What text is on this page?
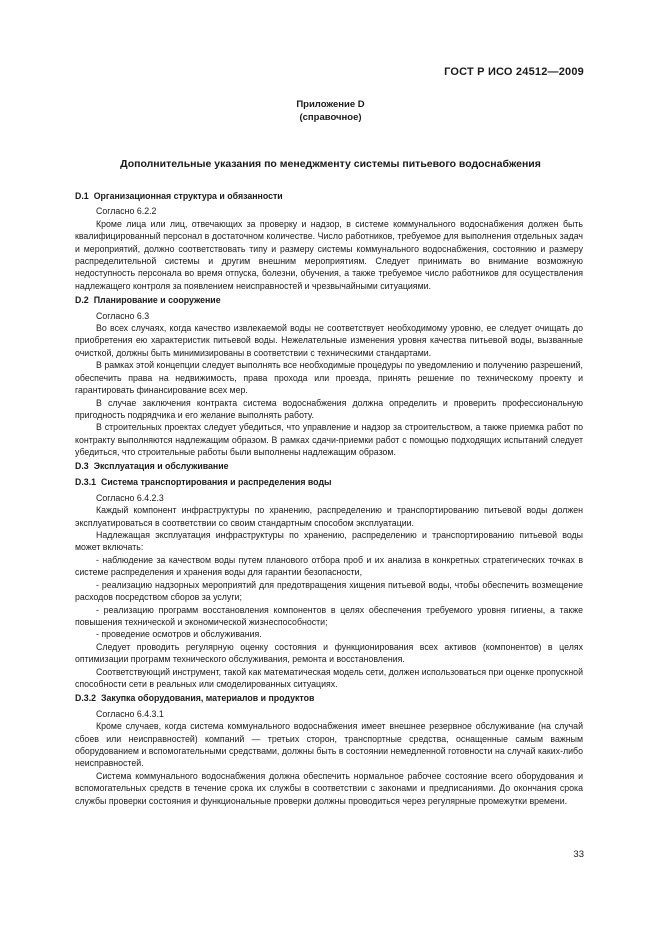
ГОСТ Р ИСО 24512—2009
Приложение D
(справочное)
Дополнительные указания по менеджменту системы питьевого водоснабжения

D.1 Организационная структура и обязанности

Согласно 6.2.2

Кроме лица или лиц, отвечающих за проверку и надзор, в системе коммунального водоснабжения должен быть квалифицированный персонал в достаточном количестве. Число работников, требуемое для выполнения отдельных задач и мероприятий, должно соответствовать типу и размеру системы коммунального водоснабжения, состоянию и размеру распределительной системы и другим внешним мероприятиям. Следует принимать во внимание возможную недоступность персонала во время отпуска, болезни, обучения, а также требуемое число работников для осуществления надлежащего контроля за появлением неисправностей и чрезвычайными ситуациями.

D.2 Планирование и сооружение

Согласно 6.3

Во всех случаях, когда качество извлекаемой воды не соответствует необходимому уровню, ее следует очищать до приобретения ею характеристик питьевой воды. Нежелательные изменения уровня качества питьевой воды, вызванные очисткой, должны быть минимизированы в соответствии с техническими стандартами.

В рамках этой концепции следует выполнять все необходимые процедуры по уведомлению и получению разрешений, обеспечить права на недвижимость, права прохода или проезда, принять решение по техническому проекту и гарантировать финансирование всех мер.

В случае заключения контракта система водоснабжения должна определить и проверить профессиональную пригодность подрядчика и его желание выполнять работу.

В строительных проектах следует убедиться, что управление и надзор за строительством, а также приемка работ по контракту выполняются надлежащим образом. В рамках сдачи-приемки работ с помощью подходящих испытаний следует убедиться, что строительные работы были выполнены надлежащим образом.

D.3 Эксплуатация и обслуживание

D.3.1 Система транспортирования и распределения воды

Согласно 6.4.2.3

Каждый компонент инфраструктуры по хранению, распределению и транспортированию питьевой воды должен эксплуатироваться в соответствии со своим стандартным способом эксплуатации.

Надлежащая эксплуатация инфраструктуры по хранению, распределению и транспортированию питьевой воды может включать:

- наблюдение за качеством воды путем планового отбора проб и их анализа в конкретных стратегических точках в системе распределения и хранения воды для гарантии безопасности,

- реализацию надзорных мероприятий для предотвращения хищения питьевой воды, чтобы обеспечить возмещение расходов посредством сборов за услуги;

- реализацию программ восстановления компонентов в целях обеспечения требуемого уровня гигиены, а также повышения технической и экономической жизнеспособности;

- проведение осмотров и обслуживания.

Следует проводить регулярную оценку состояния и функционирования всех активов (компонентов) в целях оптимизации программ технического обслуживания, ремонта и восстановления.

Соответствующий инструмент, такой как математическая модель сети, должен использоваться при оценке пропускной способности сети в реальных или смоделированных ситуациях.

D.3.2 Закупка оборудования, материалов и продуктов

Согласно 6.4.3.1

Кроме случаев, когда система коммунального водоснабжения имеет внешнее резервное обслуживание (на случай сбоев или неисправностей) компаний — третьих сторон, транспортные средства, оснащенные самым важным оборудованием и вспомогательными средствами, должны быть в состоянии немедленной готовности на случай каких-либо неисправностей.

Система коммунального водоснабжения должна обеспечить нормальное рабочее состояние всего оборудования и вспомогательных средств в течение срока их службы в соответствии с законами и предписаниями. До окончания срока службы проверки состояния и функциональные проверки должны проводиться через регулярные промежутки времени.

33
